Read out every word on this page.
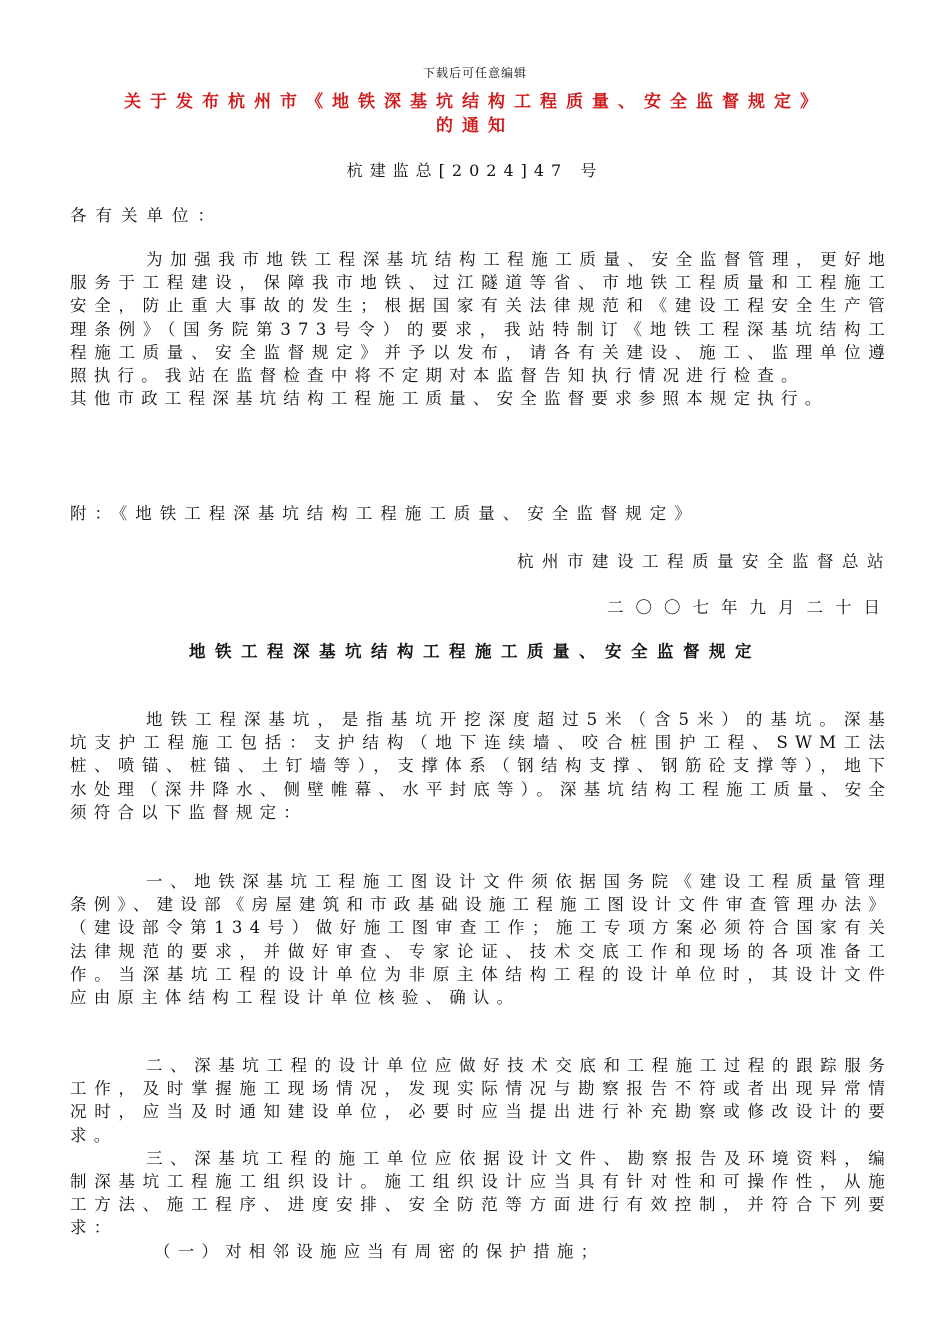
下载后可任意编辑
关于发布杭州市《地铁深基坑结构工程质量、安全监督规定》
的通知
杭建监总[2024]47 号
各有关单位：

为加强我市地铁工程深基坑结构工程施工质量、安全监督管理，更好地服务于工程建设，保障我市地铁、过江隧道等省、市地铁工程质量和工程施工安全，防止重大事故的发生；根据国家有关法律规范和《建设工程安全生产管理条例》（国务院第373号令）的要求，我站特制订《地铁工程深基坑结构工程施工质量、安全监督规定》并予以发布，请各有关建设、施工、监理单位遵照执行。我站在监督检查中将不定期对本监督告知执行情况进行检查。

其他市政工程深基坑结构工程施工质量、安全监督要求参照本规定执行。

附：《地铁工程深基坑结构工程施工质量、安全监督规定》
杭州市建设工程质量安全监督总站
二〇〇七年九月二十日
地铁工程深基坑结构工程施工质量、安全监督规定

地铁工程深基坑，是指基坑开挖深度超过5米（含5米）的基坑。深基坑支护工程施工包括：支护结构（地下连续墙、咬合桩围护工程、SWM工法桩、喷锚、桩锚、土钉墙等），支撑体系（钢结构支撑、钢筋砼支撑等），地下水处理（深井降水、侧壁帷幕、水平封底等）。深基坑结构工程施工质量、安全须符合以下监督规定：

一、地铁深基坑工程施工图设计文件须依据国务院《建设工程质量管理条例》、建设部《房屋建筑和市政基础设施工程施工图设计文件审查管理办法》（建设部令第134号）做好施工图审查工作；施工专项方案必须符合国家有关法律规范的要求，并做好审查、专家论证、技术交底工作和现场的各项准备工作。当深基坑工程的设计单位为非原主体结构工程的设计单位时，其设计文件应由原主体结构工程设计单位核验、确认。

二、深基坑工程的设计单位应做好技术交底和工程施工过程的跟踪服务工作，及时掌握施工现场情况，发现实际情况与勘察报告不符或者出现异常情况时，应当及时通知建设单位，必要时应当提出进行补充勘察或修改设计的要求。

三、深基坑工程的施工单位应依据设计文件、勘察报告及环境资料，编制深基坑工程施工组织设计。施工组织设计应当具有针对性和可操作性，从施工方法、施工程序、进度安排、安全防范等方面进行有效控制，并符合下列要求：

（一）对相邻设施应当有周密的保护措施；
